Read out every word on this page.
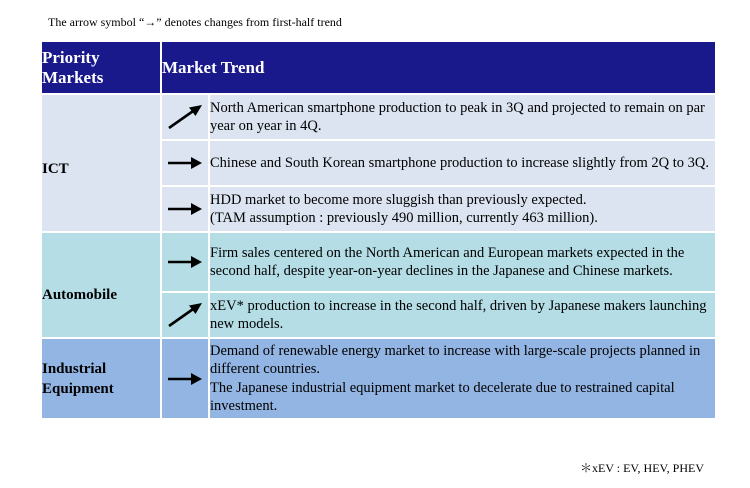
The arrow symbol “→” denotes changes from first-half trend
Priority
Markets	Market Trend	

ICT		North American smartphone production to peak in 3Q and projected to remain on par year on year in 4Q.

	Chinese and South Korean smartphone production to increase slightly from 2Q to 3Q.

	HDD market to become more sluggish than previously expected.
(TAM assumption : previously 490 million, currently 463 million).

Automobile		Firm sales centered on the North American and European markets expected in the second half, despite year-on-year declines in the Japanese and Chinese markets.

	xEV* production to increase in the second half, driven by Japanese makers launching new models.

Industrial
Equipment		Demand of renewable energy market to increase with large-scale projects planned in different countries.
The Japanese industrial equipment market to decelerate due to restrained capital investment.
＊xEV : EV, HEV, PHEV
